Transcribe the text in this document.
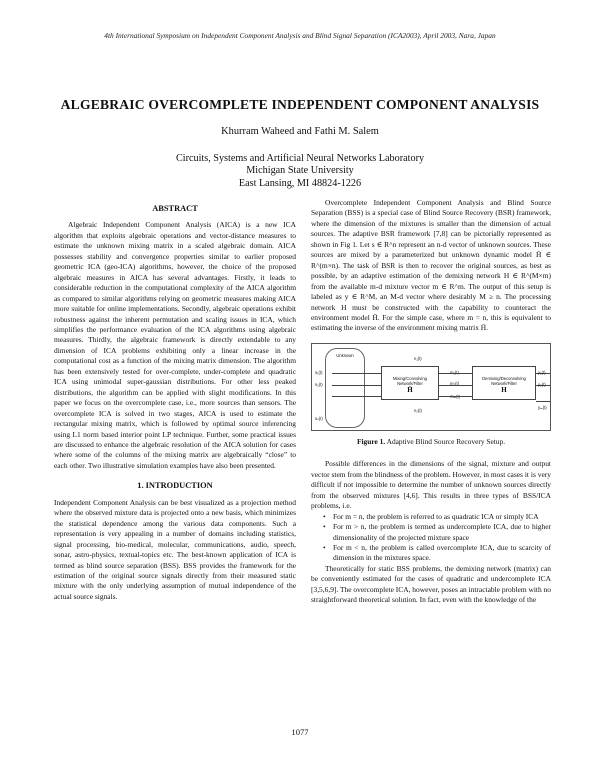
4th International Symposium on Independent Component Analysis and Blind Signal Separation (ICA2003), April 2003, Nara, Japan
ALGEBRAIC OVERCOMPLETE INDEPENDENT COMPONENT ANALYSIS
Khurram Waheed and Fathi M. Salem
Circuits, Systems and Artificial Neural Networks Laboratory
Michigan State University
East Lansing, MI 48824-1226
ABSTRACT

Algebraic Independent Component Analysis (AICA) is a new ICA algorithm that exploits algebraic operations and vector-distance measures to estimate the unknown mixing matrix in a scaled algebraic domain. AICA possesses stability and convergence properties similar to earlier proposed geometric ICA (geo-ICA) algorithms, however, the choice of the proposed algebraic measures in AICA has several advantages. Firstly, it leads to considerable reduction in the computational complexity of the AICA algorithm as compared to similar algorithms relying on geometric measures making AICA more suitable for online implementations. Secondly, algebraic operations exhibit robustness against the inherent permutation and scaling issues in ICA, which simplifies the performance evaluation of the ICA algorithms using algebraic measures. Thirdly, the algebraic framework is directly extendable to any dimension of ICA problems exhibiting only a linear increase in the computational cost as a function of the mixing matrix dimension. The algorithm has been extensively tested for over-complete, under-complete and quadratic ICA using unimodal super-gaussian distributions. For other less peaked distributions, the algorithm can be applied with slight modifications. In this paper we focus on the overcomplete case, i.e., more sources than sensors. The overcomplete ICA is solved in two stages, AICA is used to estimate the rectangular mixing matrix, which is followed by optimal source inferencing using L1 norm based interior point LP technique. Further, some practical issues are discussed to enhance the algebraic resolution of the AICA solution for cases where some of the columns of the mixing matrix are algebraically “close” to each other. Two illustrative simulation examples have also been presented.

1. INTRODUCTION

Independent Component Analysis can be best visualized as a projection method where the observed mixture data is projected onto a new basis, which minimizes the statistical dependence among the various data components. Such a representation is very appealing in a number of domains including statistics, signal processing, bio-medical, molecular, communications, audio, speech, sonar, astro-physics, textual-topics etc. The best-known application of ICA is termed as blind source separation (BSS). BSS provides the framework for the estimation of the original source signals directly from their measured static mixture with the only underlying assumption of mutual independence of the actual source signals.

Overcomplete Independent Component Analysis and Blind Source Separation (BSS) is a special case of Blind Source Recovery (BSR) framework, where the dimension of the mixtures is smaller than the dimension of actual sources. The adaptive BSR framework [7,8] can be pictorially represented as shown in Fig 1. Let s ∈ R^n represent an n-d vector of unknown sources. These sources are mixed by a parameterized but unknown dynamic model H̄ ∈ R^(m×n). The task of BSR is then to recover the original sources, as best as possible, by an adaptive estimation of the demixing network H ∈ R^(M×m) from the available m-d mixture vector m ∈ R^m. The output of this setup is labeled as y ∈ R^M, an M-d vector where desirably M ≥ n. The processing network H must be constructed with the capability to counteract the environment model H̄. For the simple case, where m = n, this is equivalent to estimating the inverse of the environment mixing matrix H̄.

Unknown
s₁(t)
s₂(t)
sₙ(t)
Mixing/Convolving Network/Filter
H̄
n₁(t)
n₂(t)
m₁(t)
m₂(t)
mₘ(t)
Demixing/Deconvolving Network/Filter
H
y₁(t)
y₂(t)
yₘ(t)
Figure 1. Adaptive Blind Source Recovery Setup.

Possible differences in the dimensions of the signal, mixture and output vector stem from the blindness of the problem. However, in most cases it is very difficult if not impossible to determine the number of unknown sources directly from the observed mixtures [4,6]. This results in three types of BSS/ICA problems, i.e.

• For m = n, the problem is referred to as quadratic ICA or simply ICA
• For m > n, the problem is termed as undercomplete ICA, due to higher dimensionality of the projected mixture space
• For m < n, the problem is called overcomplete ICA, due to scarcity of dimension in the mixtures space.

Theoretically for static BSS problems, the demixing network (matrix) can be conveniently estimated for the cases of quadratic and undercomplete ICA [3,5,6,9]. The overcomplete ICA, however, poses an intractable problem with no straightforward theoretical solution. In fact, even with the knowledge of the

1077
